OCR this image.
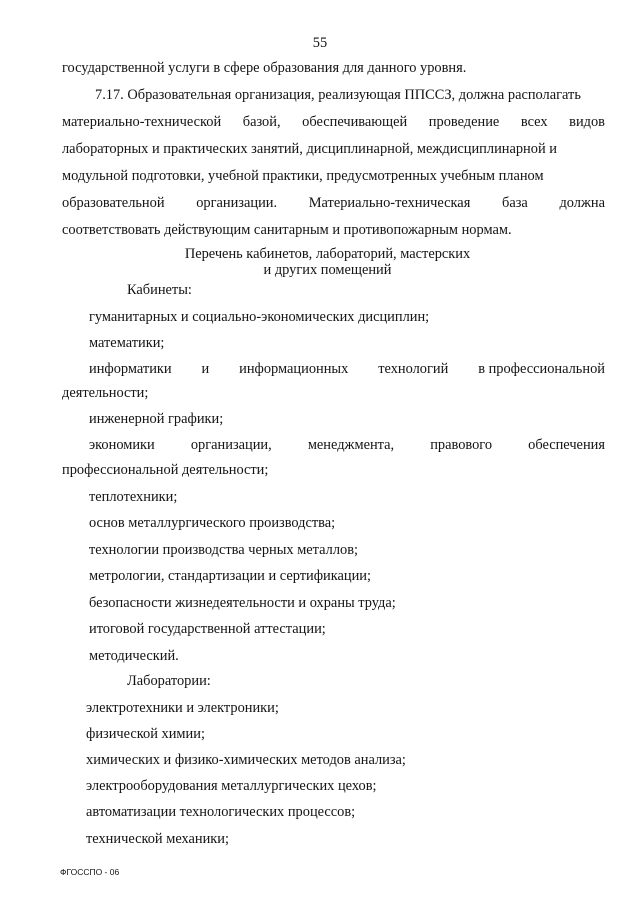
55
государственной услуги в сфере образования для данного уровня.
7.17. Образовательная организация, реализующая ППССЗ, должна располагать
материально-технической базой, обеспечивающей проведение всех видов
лабораторных и практических занятий, дисциплинарной, междисциплинарной и
модульной подготовки, учебной практики, предусмотренных учебным планом
образовательной организации. Материально-техническая база должна
соответствовать действующим санитарным и противопожарным нормам.
Перечень кабинетов, лабораторий, мастерских
и других помещений
Кабинеты:
гуманитарных и социально-экономических дисциплин;
математики;
информатики и информационных технологий в профессиональной
деятельности;
инженерной графики;
экономики	организации,	менеджмента,	правового	обеспечения
профессиональной деятельности;
теплотехники;
основ металлургического производства;
технологии производства черных металлов;
метрологии, стандартизации и сертификации;
безопасности жизнедеятельности и охраны труда;
итоговой государственной аттестации;
методический.
Лаборатории:
электротехники и электроники;
физической химии;
химических и физико-химических методов анализа;
электрооборудования металлургических цехов;
автоматизации технологических процессов;
технической механики;
ФГОССПО - 06
